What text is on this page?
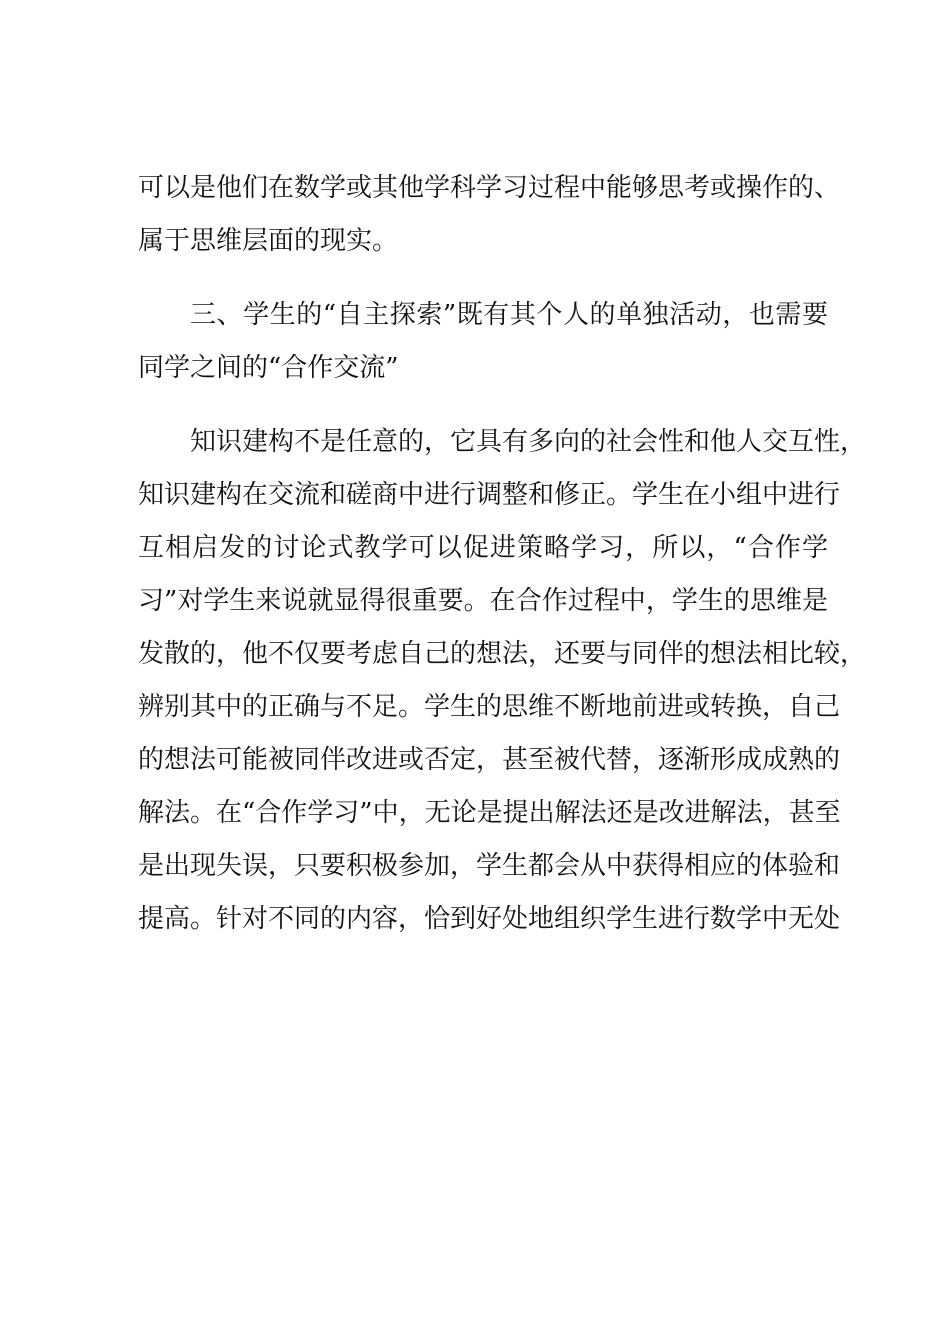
可以是他们在数学或其他学科学习过程中能够思考或操作的、
属于思维层面的现实。
三、学生的“自主探索”既有其个人的单独活动，也需要
同学之间的“合作交流”
知识建构不是任意的，它具有多向的社会性和他人交互性，
知识建构在交流和磋商中进行调整和修正。学生在小组中进行
互相启发的讨论式教学可以促进策略学习，所以，“合作学
习”对学生来说就显得很重要。在合作过程中，学生的思维是
发散的，他不仅要考虑自己的想法，还要与同伴的想法相比较，
辨别其中的正确与不足。学生的思维不断地前进或转换，自己
的想法可能被同伴改进或否定，甚至被代替，逐渐形成成熟的
解法。在“合作学习”中，无论是提出解法还是改进解法，甚至
是出现失误，只要积极参加，学生都会从中获得相应的体验和
提高。针对不同的内容，恰到好处地组织学生进行数学中无处
